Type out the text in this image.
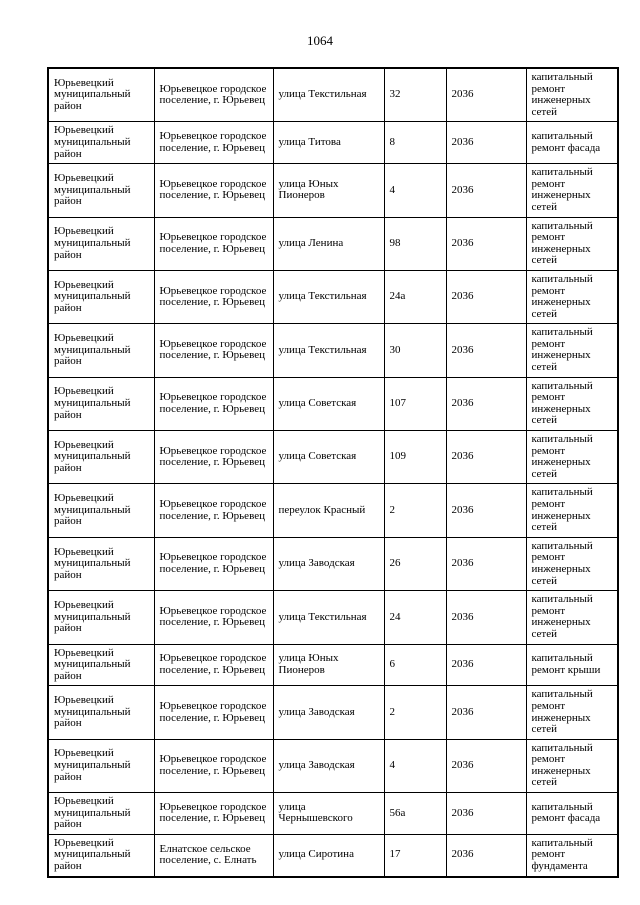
1064
Юрьевецкий муниципальный район	Юрьевецкое городское поселение, г. Юрьевец	улица Текстильная	32	2036	капитальный ремонт инженерных сетей
Юрьевецкий муниципальный район	Юрьевецкое городское поселение, г. Юрьевец	улица Титова	8	2036	капитальный ремонт фасада
Юрьевецкий муниципальный район	Юрьевецкое городское поселение, г. Юрьевец	улица Юных Пионеров	4	2036	капитальный ремонт инженерных сетей
Юрьевецкий муниципальный район	Юрьевецкое городское поселение, г. Юрьевец	улица Ленина	98	2036	капитальный ремонт инженерных сетей
Юрьевецкий муниципальный район	Юрьевецкое городское поселение, г. Юрьевец	улица Текстильная	24а	2036	капитальный ремонт инженерных сетей
Юрьевецкий муниципальный район	Юрьевецкое городское поселение, г. Юрьевец	улица Текстильная	30	2036	капитальный ремонт инженерных сетей
Юрьевецкий муниципальный район	Юрьевецкое городское поселение, г. Юрьевец	улица Советская	107	2036	капитальный ремонт инженерных сетей
Юрьевецкий муниципальный район	Юрьевецкое городское поселение, г. Юрьевец	улица Советская	109	2036	капитальный ремонт инженерных сетей
Юрьевецкий муниципальный район	Юрьевецкое городское поселение, г. Юрьевец	переулок Красный	2	2036	капитальный ремонт инженерных сетей
Юрьевецкий муниципальный район	Юрьевецкое городское поселение, г. Юрьевец	улица Заводская	26	2036	капитальный ремонт инженерных сетей
Юрьевецкий муниципальный район	Юрьевецкое городское поселение, г. Юрьевец	улица Текстильная	24	2036	капитальный ремонт инженерных сетей
Юрьевецкий муниципальный район	Юрьевецкое городское поселение, г. Юрьевец	улица Юных Пионеров	6	2036	капитальный ремонт крыши
Юрьевецкий муниципальный район	Юрьевецкое городское поселение, г. Юрьевец	улица Заводская	2	2036	капитальный ремонт инженерных сетей
Юрьевецкий муниципальный район	Юрьевецкое городское поселение, г. Юрьевец	улица Заводская	4	2036	капитальный ремонт инженерных сетей
Юрьевецкий муниципальный район	Юрьевецкое городское поселение, г. Юрьевец	улица Чернышевского	56а	2036	капитальный ремонт фасада
Юрьевецкий муниципальный район	Елнатское сельское поселение, с. Елнать	улица Сиротина	17	2036	капитальный ремонт фундамента
